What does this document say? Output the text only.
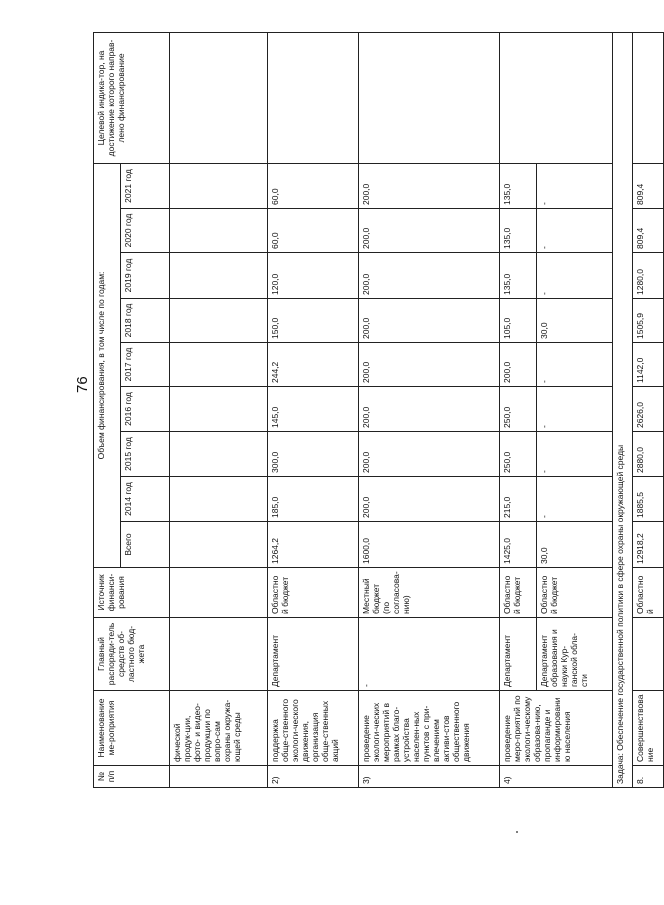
76
№ п/п	Наименование ме-роприятия	Главный распоряди-тель средств об-ластного бюд-жета	Источник финанси-рования	Объем финансирования, в том числе по годам:									Целевой индика-тор, на достижение которого направ-лено финансирование
				Всего	2014 год	2015 год	2016 год	2017 год	2018 год	2019 год	2020 год	2021 год	
	фической продук-ции, фото- и видео-продукции по вопро-сам охраны окружа-ющей среды												
2)	поддержка обще-ственного экологи-ческого движения, организация обще-ственных акций	Департамент	Областной бюджет	1264,2	185,0	300,0	145,0	244,2	150,0	120,0	60,0	60,0	
3)	проведение экологи-ческих мероприятий в рамках благо-устройства населен-ных пунктов с при-влечением активи-стов общественного движения	-	Местный бюджет (по согласова-нию)	1600,0	200,0	200,0	200,0	200,0	200,0	200,0	200,0	200,0	
4)	проведение меро-приятий по экологи-ческому образова-нию, пропаганде и информированию населения	Департамент	Областной бюджет	1425,0	215,0	250,0	250,0	200,0	105,0	135,0	135,0	135,0	
		Департамент образования и науки Кур-ганской обла-сти	Областной бюджет	30,0	-	-	-	-	30,0	-	-	-	
Задача: Обеспечение государственной политики в сфере охраны окружающей среды													
8.	Совершенствование		Областной	12918,2	1885,5	2880,0	2626,0	1142,0	1505,9	1280,0	809,4	809,4	
